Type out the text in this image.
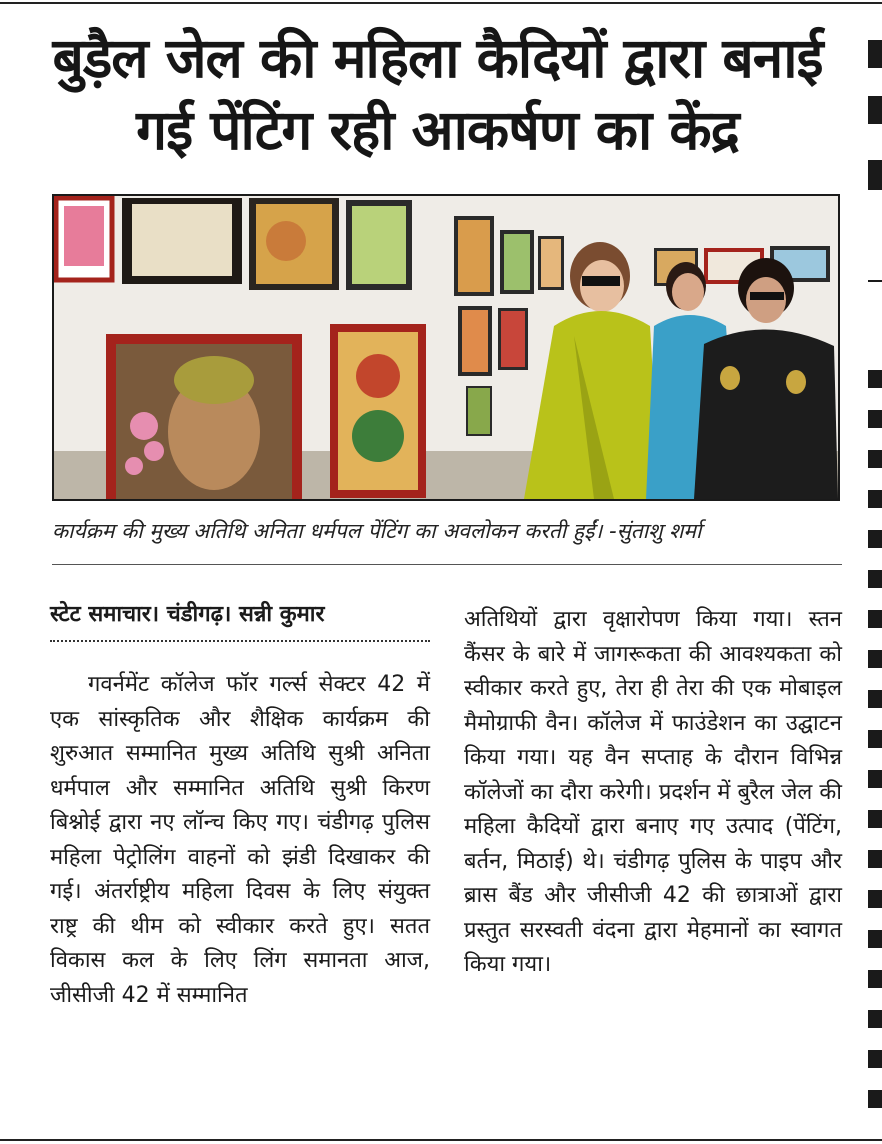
बुड़ैल जेल की महिला कैदियों द्वारा बनाई
गई पेंटिंग रही आकर्षण का केंद्र
कार्यक्रम की मुख्य अतिथि अनिता धर्मपल पेंटिंग का अवलोकन करती हुईं। -सुंताशु शर्मा
स्टेट समाचार। चंडीगढ़। सन्नी कुमार

गवर्नमेंट कॉलेज फॉर गर्ल्स सेक्टर 42 में एक सांस्कृतिक और शैक्षिक कार्यक्रम की शुरुआत सम्मानित मुख्य अतिथि सुश्री अनिता धर्मपाल और सम्मानित अतिथि सुश्री किरण बिश्नोई द्वारा नए लॉन्च किए गए। चंडीगढ़ पुलिस महिला पेट्रोलिंग वाहनों को झंडी दिखाकर की गई। अंतर्राष्ट्रीय महिला दिवस के लिए संयुक्त राष्ट्र की थीम को स्वीकार करते हुए। सतत विकास कल के लिए लिंग समानता आज, जीसीजी 42 में सम्मानित

अतिथियों द्वारा वृक्षारोपण किया गया। स्तन कैंसर के बारे में जागरूकता की आवश्यकता को स्वीकार करते हुए, तेरा ही तेरा की एक मोबाइल मैमोग्राफी वैन। कॉलेज में फाउंडेशन का उद्घाटन किया गया। यह वैन सप्ताह के दौरान विभिन्न कॉलेजों का दौरा करेगी। प्रदर्शन में बुरैल जेल की महिला कैदियों द्वारा बनाए गए उत्पाद (पेंटिंग, बर्तन, मिठाई) थे। चंडीगढ़ पुलिस के पाइप और ब्रास बैंड और जीसीजी 42 की छात्राओं द्वारा प्रस्तुत सरस्वती वंदना द्वारा मेहमानों का स्वागत किया गया।
